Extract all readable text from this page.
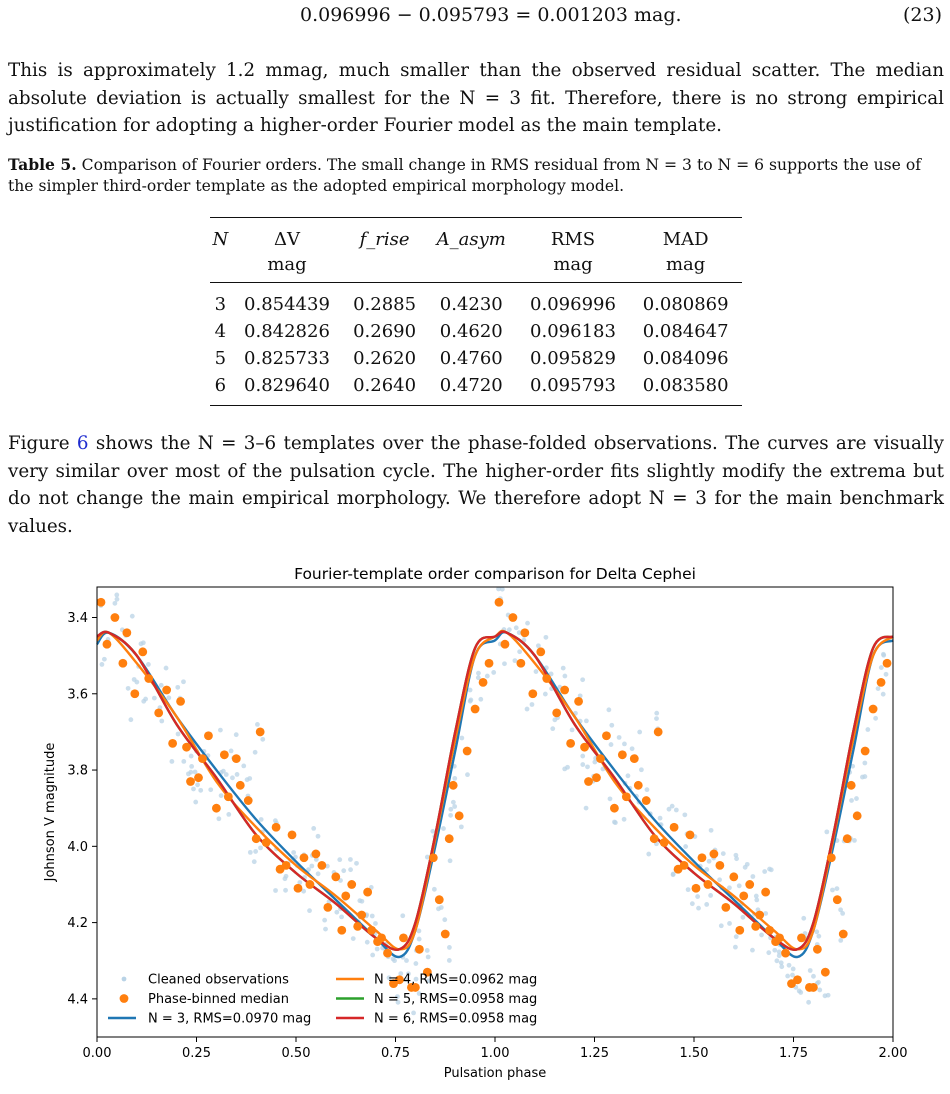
0.096996 − 0.095793 = 0.001203 mag.	(23)

This is approximately 1.2 mmag, much smaller than the observed residual scatter. The median absolute deviation is actually smallest for the N = 3 fit. Therefore, there is no strong empirical justification for adopting a higher-order Fourier model as the main template.

Table 5. Comparison of Fourier orders. The small change in RMS residual from N = 3 to N = 6 supports the use of the simpler third-order template as the adopted empirical morphology model.

N	ΔV	f_rise	A_asym	RMS	MAD
	mag			mag	mag
3	0.854439	0.2885	0.4230	0.096996	0.080869
4	0.842826	0.2690	0.4620	0.096183	0.084647
5	0.825733	0.2620	0.4760	0.095829	0.084096
6	0.829640	0.2640	0.4720	0.095793	0.083580

Figure 6 shows the N = 3–6 templates over the phase-folded observations. The curves are visually very similar over most of the pulsation cycle. The higher-order fits slightly modify the extrema but do not change the main empirical morphology. We therefore adopt N = 3 for the main benchmark values.

Fourier-template order comparison for Delta Cephei
0.00	0.25	0.50	0.75	1.00	1.25	1.50	1.75	2.00
3.4
3.6
3.8
4.0
4.2
4.4
Pulsation phase
Johnson V magnitude
Cleaned observations
Phase-binned median
N = 3, RMS=0.0970 mag
N = 4, RMS=0.0962 mag
N = 5, RMS=0.0958 mag
N = 6, RMS=0.0958 mag
